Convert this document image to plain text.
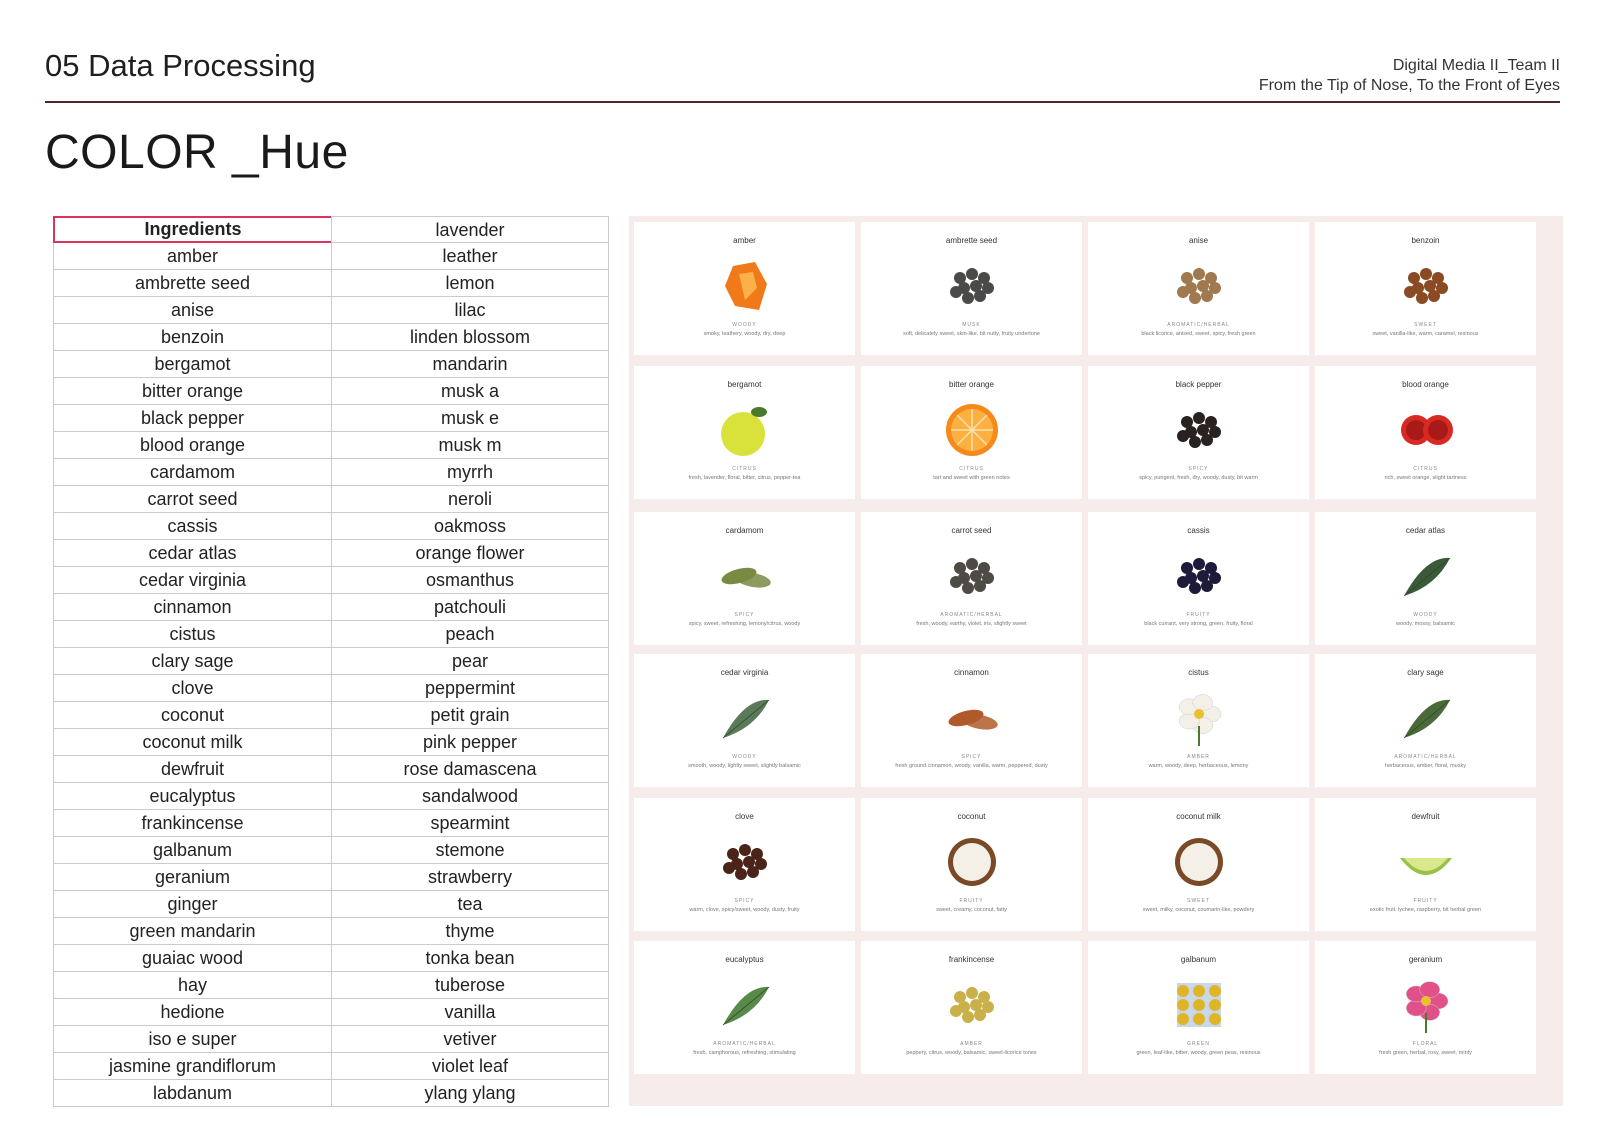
05 Data Processing	Digital Media II_Team II
From the Tip of Nose, To the Front of Eyes
COLOR _Hue
Ingredients
amber
ambrette seed
anise
benzoin
bergamot
bitter orange
black pepper
blood orange
cardamom
carrot seed
cassis
cedar atlas
cedar virginia
cinnamon
cistus
clary sage
clove
coconut
coconut milk
dewfruit
eucalyptus
frankincense
galbanum
geranium
ginger
green mandarin
guaiac wood
hay
hedione
iso e super
jasmine grandiflorum
labdanum
lavender
leather
lemon
lilac
linden blossom
mandarin
musk a
musk e
musk m
myrrh
neroli
oakmoss
orange flower
osmanthus
patchouli
peach
pear
peppermint
petit grain
pink pepper
rose damascena
sandalwood
spearmint
stemone
strawberry
tea
thyme
tonka bean
tuberose
vanilla
vetiver
violet leaf
ylang ylang
amber
WOODY
smoky, leathery, woody, dry, deep
ambrette seed
MUSK
soft, delicately sweet, skin-like, bit nutty, fruity undertone
anise
AROMATIC/HERBAL
black licorice, anised, sweet, spicy, fresh green
benzoin
SWEET
sweet, vanilla-like, warm, caramel, resinous
bergamot
CITRUS
fresh, lavender, floral, bitter, citrus, pepper-tea
bitter orange
CITRUS
tart and sweet with green notes
black pepper
SPICY
spicy, pungent, fresh, dry, woody, dusty, bit warm
blood orange
CITRUS
rich, sweet orange, slight tartness
cardamom
SPICY
spicy, sweet, refreshing, lemony/citrus, woody
carrot seed
AROMATIC/HERBAL
fresh, woody, earthy, violet, iris, slightly sweet
cassis
FRUITY
black currant, very strong, green, fruity, floral
cedar atlas
WOODY
woody, mossy, balsamic
cedar virginia
WOODY
smooth, woody, lightly sweet, slightly balsamic
cinnamon
SPICY
fresh ground cinnamon, woody, vanilla, warm, peppered, dusty
cistus
AMBER
warm, woody, deep, herbaceous, lemony
clary sage
AROMATIC/HERBAL
herbaceous, amber, floral, musky
clove
SPICY
warm, clove, spicy/sweet, woody, dusty, fruity
coconut
FRUITY
sweet, creamy, coconut, fatty
coconut milk
SWEET
sweet, milky, coconut, coumarin-like, powdery
dewfruit
FRUITY
exotic fruit, lychee, raspberry, bit herbal green
eucalyptus
AROMATIC/HERBAL
fresh, camphorous, refreshing, stimulating
frankincense
AMBER
peppery, citrus, woody, balsamic, sweet-licorice tones
galbanum
GREEN
green, leaf-like, bitter, woody, green peas, resinous
geranium
FLORAL
fresh green, herbal, rosy, sweet, minty
